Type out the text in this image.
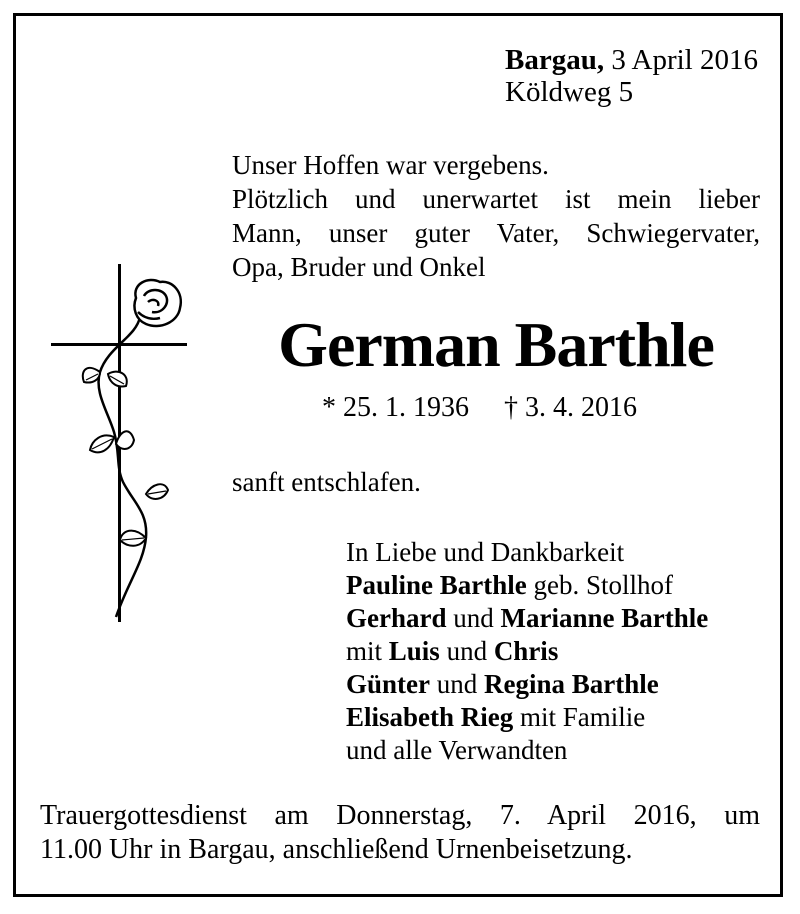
Bargau, 3 April 2016
Köldweg 5
Unser Hoffen war vergebens.
Plötzlich und unerwartet ist mein lieber
Mann, unser guter Vater, Schwiegervater,
Opa, Bruder und Onkel
German Barthle
* 25. 1. 1936     † 3. 4. 2016
sanft entschlafen.
In Liebe und Dankbarkeit
Pauline Barthle geb. Stollhof
Gerhard und Marianne Barthle
mit Luis und Chris
Günter und Regina Barthle
Elisabeth Rieg mit Familie
und alle Verwandten
Trauergottesdienst am Donnerstag, 7. April 2016, um
11.00 Uhr in Bargau, anschließend Urnenbeisetzung.
